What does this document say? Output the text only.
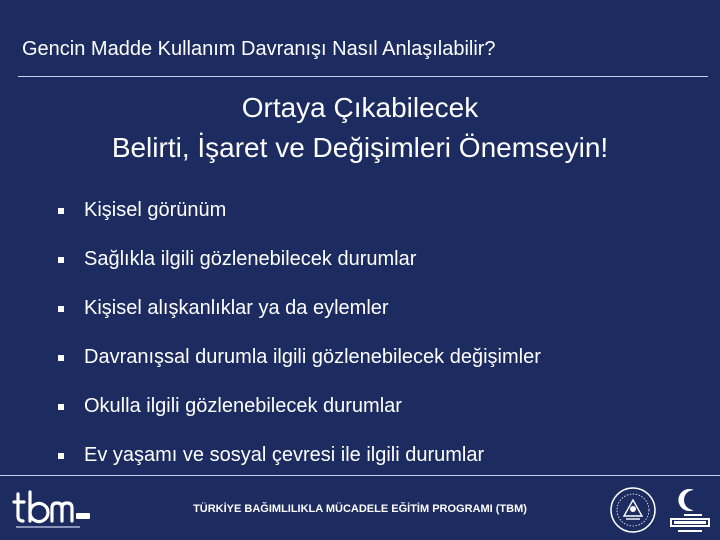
Gencin Madde Kullanım Davranışı Nasıl Anlaşılabilir?
Ortaya Çıkabilecek
Belirti, İşaret ve Değişimleri Önemseyin!
Kişisel görünüm
Sağlıkla ilgili gözlenebilecek durumlar
Kişisel alışkanlıklar ya da eylemler
Davranışsal durumla ilgili gözlenebilecek değişimler
Okulla ilgili gözlenebilecek durumlar
Ev yaşamı ve sosyal çevresi ile ilgili durumlar
TÜRKİYE BAĞIMLILIKLA MÜCADELE EĞİTİM PROGRAMI (TBM)
